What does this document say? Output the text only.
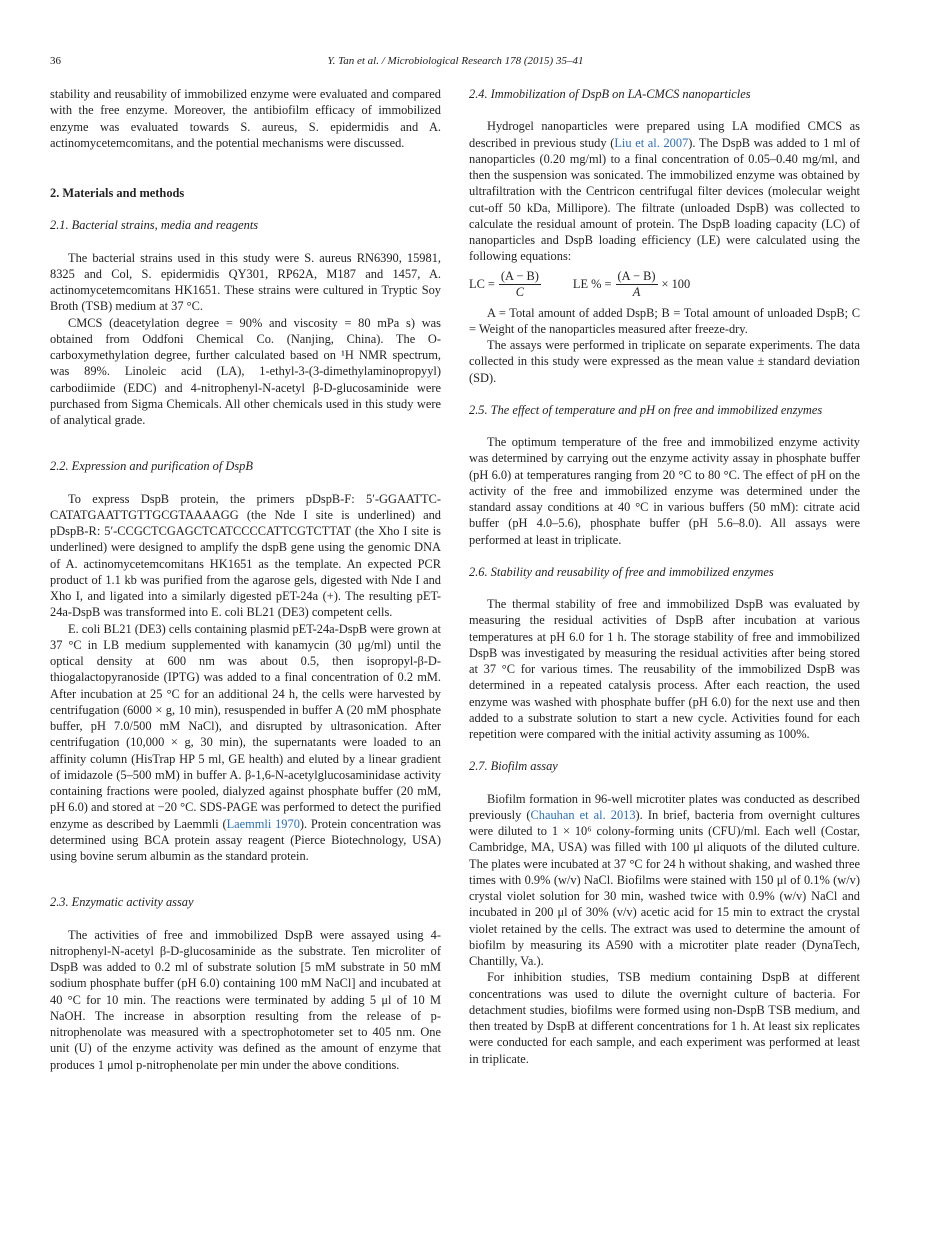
36	Y. Tan et al. / Microbiological Research 178 (2015) 35–41

stability and reusability of immobilized enzyme were evaluated and compared with the free enzyme. Moreover, the antibiofilm efficacy of immobilized enzyme was evaluated towards S. aureus, S. epidermidis and A. actinomycetemcomitans, and the potential mechanisms were discussed.

2. Materials and methods

2.1. Bacterial strains, media and reagents

The bacterial strains used in this study were S. aureus RN6390, 15981, 8325 and Col, S. epidermidis QY301, RP62A, M187 and 1457, A. actinomycetemcomitans HK1651. These strains were cultured in Tryptic Soy Broth (TSB) medium at 37 °C.

CMCS (deacetylation degree = 90% and viscosity = 80 mPa s) was obtained from Oddfoni Chemical Co. (Nanjing, China). The O-carboxymethylation degree, further calculated based on ¹H NMR spectrum, was 89%. Linoleic acid (LA), 1-ethyl-3-(3-dimethylaminopropyyl) carbodiimide (EDC) and 4-nitrophenyl-N-acetyl β-D-glucosaminide were purchased from Sigma Chemicals. All other chemicals used in this study were of analytical grade.

2.2. Expression and purification of DspB

To express DspB protein, the primers pDspB-F: 5′-GGAATTC-CATATGAATTGTTGCGTAAAAGG (the Nde I site is underlined) and pDspB-R: 5′-CCGCTCGAGCTCATCCCCATTCGTCTTAT (the Xho I site is underlined) were designed to amplify the dspB gene using the genomic DNA of A. actinomycetemcomitans HK1651 as the template. An expected PCR product of 1.1 kb was purified from the agarose gels, digested with Nde I and Xho I, and ligated into a similarly digested pET-24a (+). The resulting pET-24a-DspB was transformed into E. coli BL21 (DE3) competent cells.

E. coli BL21 (DE3) cells containing plasmid pET-24a-DspB were grown at 37 °C in LB medium supplemented with kanamycin (30 μg/ml) until the optical density at 600 nm was about 0.5, then isopropyl-β-D-thiogalactopyranoside (IPTG) was added to a final concentration of 0.2 mM. After incubation at 25 °C for an additional 24 h, the cells were harvested by centrifugation (6000 × g, 10 min), resuspended in buffer A (20 mM phosphate buffer, pH 7.0/500 mM NaCl), and disrupted by ultrasonication. After centrifugation (10,000 × g, 30 min), the supernatants were loaded to an affinity column (HisTrap HP 5 ml, GE health) and eluted by a linear gradient of imidazole (5–500 mM) in buffer A. β-1,6-N-acetylglucosaminidase activity containing fractions were pooled, dialyzed against phosphate buffer (20 mM, pH 6.0) and stored at −20 °C. SDS-PAGE was performed to detect the purified enzyme as described by Laemmli (Laemmli 1970). Protein concentration was determined using BCA protein assay reagent (Pierce Biotechnology, USA) using bovine serum albumin as the standard protein.

2.3. Enzymatic activity assay

The activities of free and immobilized DspB were assayed using 4-nitrophenyl-N-acetyl β-D-glucosaminide as the substrate. Ten microliter of DspB was added to 0.2 ml of substrate solution [5 mM substrate in 50 mM sodium phosphate buffer (pH 6.0) containing 100 mM NaCl] and incubated at 40 °C for 10 min. The reactions were terminated by adding 5 μl of 10 M NaOH. The increase in absorption resulting from the release of p-nitrophenolate was measured with a spectrophotometer set to 405 nm. One unit (U) of the enzyme activity was defined as the amount of enzyme that produces 1 μmol p-nitrophenolate per min under the above conditions.

2.4. Immobilization of DspB on LA-CMCS nanoparticles

Hydrogel nanoparticles were prepared using LA modified CMCS as described in previous study (Liu et al. 2007). The DspB was added to 1 ml of nanoparticles (0.20 mg/ml) to a final concentration of 0.05–0.40 mg/ml, and then the suspension was sonicated. The immobilized enzyme was obtained by ultrafiltration with the Centricon centrifugal filter devices (molecular weight cut-off 50 kDa, Millipore). The filtrate (unloaded DspB) was collected to calculate the residual amount of protein. The DspB loading capacity (LC) of nanoparticles and DspB loading efficiency (LE) were calculated using the following equations:

LC = $\frac{(A - B)}{C}$	LE % = $\frac{(A - B)}{A} \times 100$

A = Total amount of added DspB; B = Total amount of unloaded DspB; C = Weight of the nanoparticles measured after freeze-dry.

The assays were performed in triplicate on separate experiments. The data collected in this study were expressed as the mean value ± standard deviation (SD).

2.5. The effect of temperature and pH on free and immobilized enzymes

The optimum temperature of the free and immobilized enzyme activity was determined by carrying out the enzyme activity assay in phosphate buffer (pH 6.0) at temperatures ranging from 20 °C to 80 °C. The effect of pH on the activity of the free and immobilized enzyme was determined under the standard assay conditions at 40 °C in various buffers (50 mM): citrate acid buffer (pH 4.0–5.6), phosphate buffer (pH 5.6–8.0). All assays were performed at least in triplicate.

2.6. Stability and reusability of free and immobilized enzymes

The thermal stability of free and immobilized DspB was evaluated by measuring the residual activities of DspB after incubation at various temperatures at pH 6.0 for 1 h. The storage stability of free and immobilized DspB was investigated by measuring the residual activities after being stored at 37 °C for various times. The reusability of the immobilized DspB was determined in a repeated catalysis process. After each reaction, the used enzyme was washed with phosphate buffer (pH 6.0) for the next use and then added to a substrate solution to start a new cycle. Activities found for each repetition were compared with the initial activity assuming as 100%.

2.7. Biofilm assay

Biofilm formation in 96-well microtiter plates was conducted as described previously (Chauhan et al. 2013). In brief, bacteria from overnight cultures were diluted to 1 × 10⁶ colony-forming units (CFU)/ml. Each well (Costar, Cambridge, MA, USA) was filled with 100 μl aliquots of the diluted culture. The plates were incubated at 37 °C for 24 h without shaking, and washed three times with 0.9% (w/v) NaCl. Biofilms were stained with 150 μl of 0.1% (w/v) crystal violet solution for 30 min, washed twice with 0.9% (w/v) NaCl and incubated in 200 μl of 30% (v/v) acetic acid for 15 min to extract the crystal violet retained by the cells. The extract was used to determine the amount of biofilm by measuring its A590 with a microtiter plate reader (DynaTech, Chantilly, Va.).

For inhibition studies, TSB medium containing DspB at different concentrations was used to dilute the overnight culture of bacteria. For detachment studies, biofilms were formed using non-DspB TSB medium, and then treated by DspB at different concentrations for 1 h. At least six replicates were conducted for each sample, and each experiment was performed at least in triplicate.
